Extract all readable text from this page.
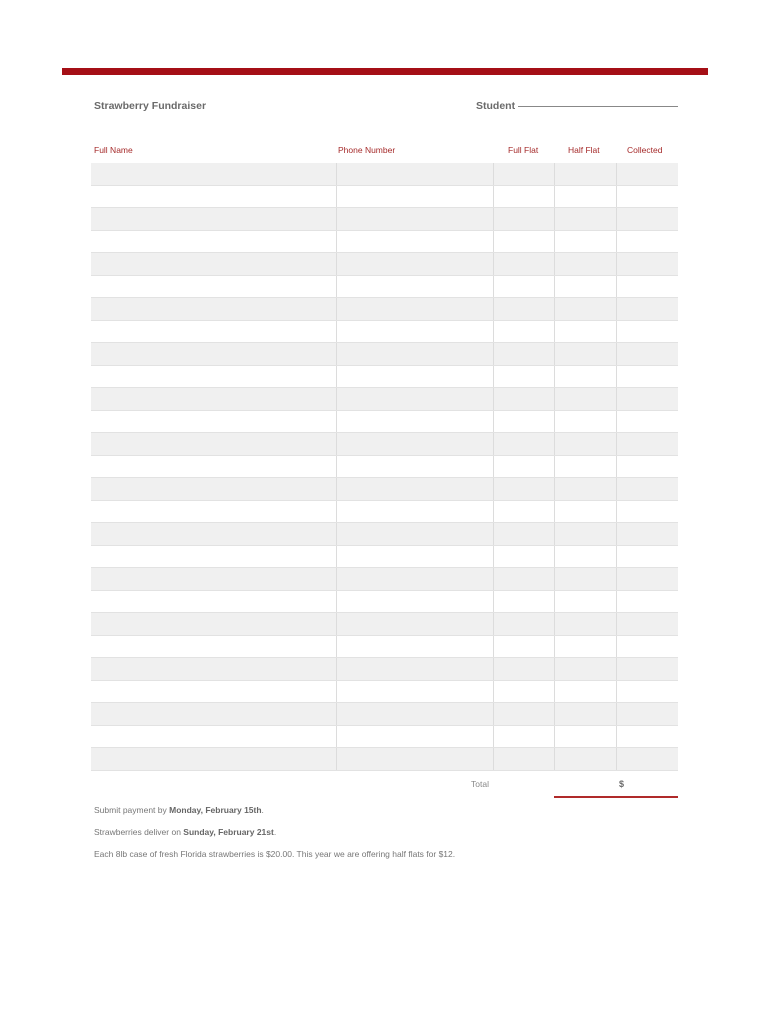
Strawberry Fundraiser	Student
Full Name	Phone Number	Full Flat	Half Flat	Collected

Total	$
Submit payment by Monday, February 15th.
Strawberries deliver on Sunday, February 21st.
Each 8lb case of fresh Florida strawberries is $20.00. This year we are offering half flats for $12.
